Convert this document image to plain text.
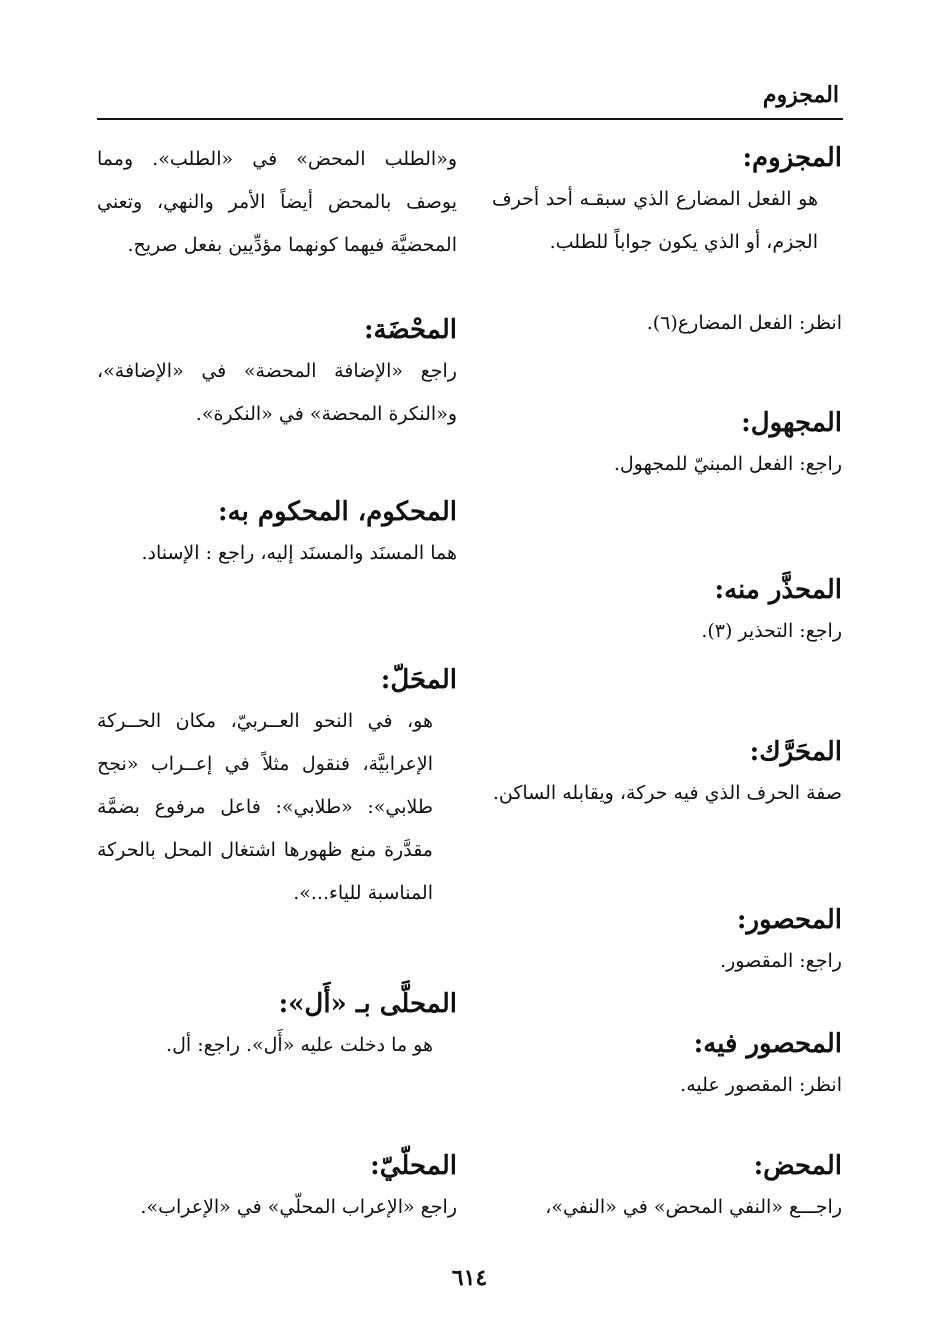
المجزوم
المجزوم:

هو الفعل المضارع الذي سبقـه أحد أحرف الجزم، أو الذي يكون جواباً للطلب.

انظر: الفعل المضارع(٦).

المجهول:

راجع: الفعل المبنيّ للمجهول.

المحذَّر منه:

راجع: التحذير (٣).

المحَرَّك:

صفة الحرف الذي فيه حركة، ويقابله الساكن.

المحصور:

راجع: المقصور.

المحصور فيه:

انظر: المقصور عليه.

المحض:

راجـــع «النفي المحض» في «النفي»،

و«الطلب المحض» في «الطلب». ومما يوصف بالمحض أيضاً الأمر والنهي، وتعني المحضيَّة فيهما كونهما مؤدِّيين بفعل صريح.

المحْضَة:

راجع «الإضافة المحضة» في «الإضافة»، و«النكرة المحضة» في «النكرة».

المحكوم، المحكوم به:

هما المسنَد والمسنَد إليه، راجع : الإسناد.

المحَلّ:

هو، في النحو العــربيّ، مكان الحــركة الإعرابيَّة، فنقول مثلاً في إعــراب «نجح طلابي»: «طلابي»: فاعل مرفوع بضمَّة مقدَّرة منع ظهورها اشتغال المحل بالحركة المناسبة للياء...».

المحلَّى بـ «أَل»:

هو ما دخلت عليه «أَل». راجع: أل.

المحلّيّ:

راجع «الإعراب المحلّي» في «الإعراب».

٦١٤
